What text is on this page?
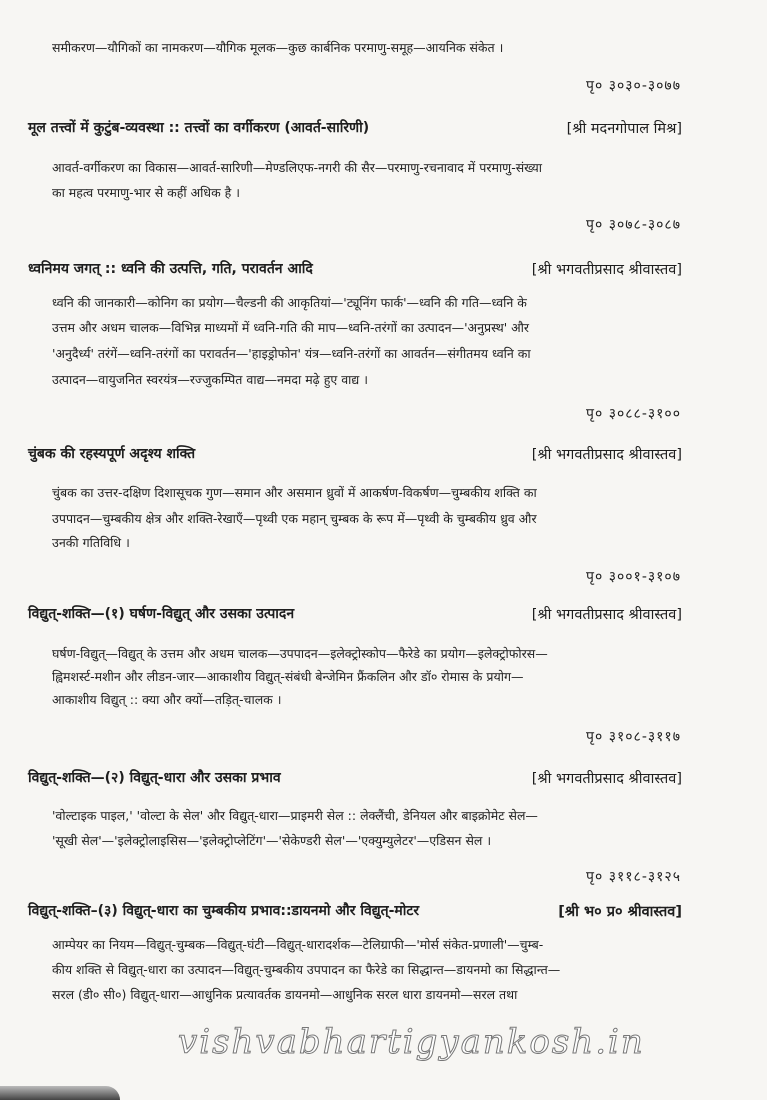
समीकरण—यौगिकों का नामकरण—यौगिक मूलक—कुछ कार्बनिक परमाणु-समूह—आयनिक संकेत ।
पृ० ३०३०-३०७७
मूल तत्त्वों में कुटुंब-व्यवस्था :: तत्त्वों का वर्गीकरण (आवर्त-सारिणी)	[श्री मदनगोपाल मिश्र]
आवर्त-वर्गीकरण का विकास—आवर्त-सारिणी—मेण्डलिएफ-नगरी की सैर—परमाणु-रचनावाद में परमाणु-संख्या
का महत्व परमाणु-भार से कहीं अधिक है ।
पृ० ३०७८-३०८७
ध्वनिमय जगत् :: ध्वनि की उत्पत्ति, गति, परावर्तन आदि	[श्री भगवतीप्रसाद श्रीवास्तव]
ध्वनि की जानकारी—कोनिग का प्रयोग—चैल्डनी की आकृतियां—'ट्यूनिंग फार्क'—ध्वनि की गति—ध्वनि के
उत्तम और अधम चालक—विभिन्न माध्यमों में ध्वनि-गति की माप—ध्वनि-तरंगों का उत्पादन—'अनुप्रस्थ' और
'अनुदैर्ध्य' तरंगें—ध्वनि-तरंगों का परावर्तन—'हाइड्रोफोन' यंत्र—ध्वनि-तरंगों का आवर्तन—संगीतमय ध्वनि का
उत्पादन—वायुजनित स्वरयंत्र—रज्जुकम्पित वाद्य—नमदा मढ़े हुए वाद्य ।
पृ० ३०८८-३१००
चुंबक की रहस्यपूर्ण अदृश्य शक्ति	[श्री भगवतीप्रसाद श्रीवास्तव]
चुंबक का उत्तर-दक्षिण दिशासूचक गुण—समान और असमान ध्रुवों में आकर्षण-विकर्षण—चुम्बकीय शक्ति का
उपपादन—चुम्बकीय क्षेत्र और शक्ति-रेखाएँ—पृथ्वी एक महान् चुम्बक के रूप में—पृथ्वी के चुम्बकीय ध्रुव और
उनकी गतिविधि ।
पृ० ३००१-३१०७
विद्युत्-शक्ति—(१) घर्षण-विद्युत् और उसका उत्पादन	[श्री भगवतीप्रसाद श्रीवास्तव]
घर्षण-विद्युत्—विद्युत् के उत्तम और अधम चालक—उपपादन—इलेक्ट्रोस्कोप—फैरेडे का प्रयोग—इलेक्ट्रोफोरस—
ह्विमशर्स्ट-मशीन और लीडन-जार—आकाशीय विद्युत्-संबंधी बेन्जेमिन फ्रैंकलिन और डॉ० रोमास के प्रयोग—
आकाशीय विद्युत् :: क्या और क्यों—तड़ित्-चालक ।
पृ० ३१०८-३११७
विद्युत्-शक्ति—(२) विद्युत्-धारा और उसका प्रभाव	[श्री भगवतीप्रसाद श्रीवास्तव]
'वोल्टाइक पाइल,' 'वोल्टा के सेल' और विद्युत्-धारा—प्राइमरी सेल :: लेक्लैंची, डेनियल और बाइक्रोमेट सेल—
'सूखी सेल'—'इलेक्ट्रोलाइसिस—'इलेक्ट्रोप्लेटिंग'—'सेकेण्डरी सेल'—'एक्युम्युलेटर'—एडिसन सेल ।
पृ० ३११८-३१२५
विद्युत्-शक्ति–(३) विद्युत्-धारा का चुम्बकीय प्रभाव::डायनमो और विद्युत्-मोटर	[श्री भ० प्र० श्रीवास्तव]
आम्पेयर का नियम—विद्युत्-चुम्बक—विद्युत्-घंटी—विद्युत्-धारादर्शक—टेलिग्राफी—'मोर्स संकेत-प्रणाली'—चुम्ब-
कीय शक्ति से विद्युत्-धारा का उत्पादन—विद्युत्-चुम्बकीय उपपादन का फैरेडे का सिद्धान्त—डायनमो का सिद्धान्त—
सरल (डी० सी०) विद्युत्-धारा—आधुनिक प्रत्यावर्तक डायनमो—आधुनिक सरल धारा डायनमो—सरल तथा
vishvabhartigyankosh.in
